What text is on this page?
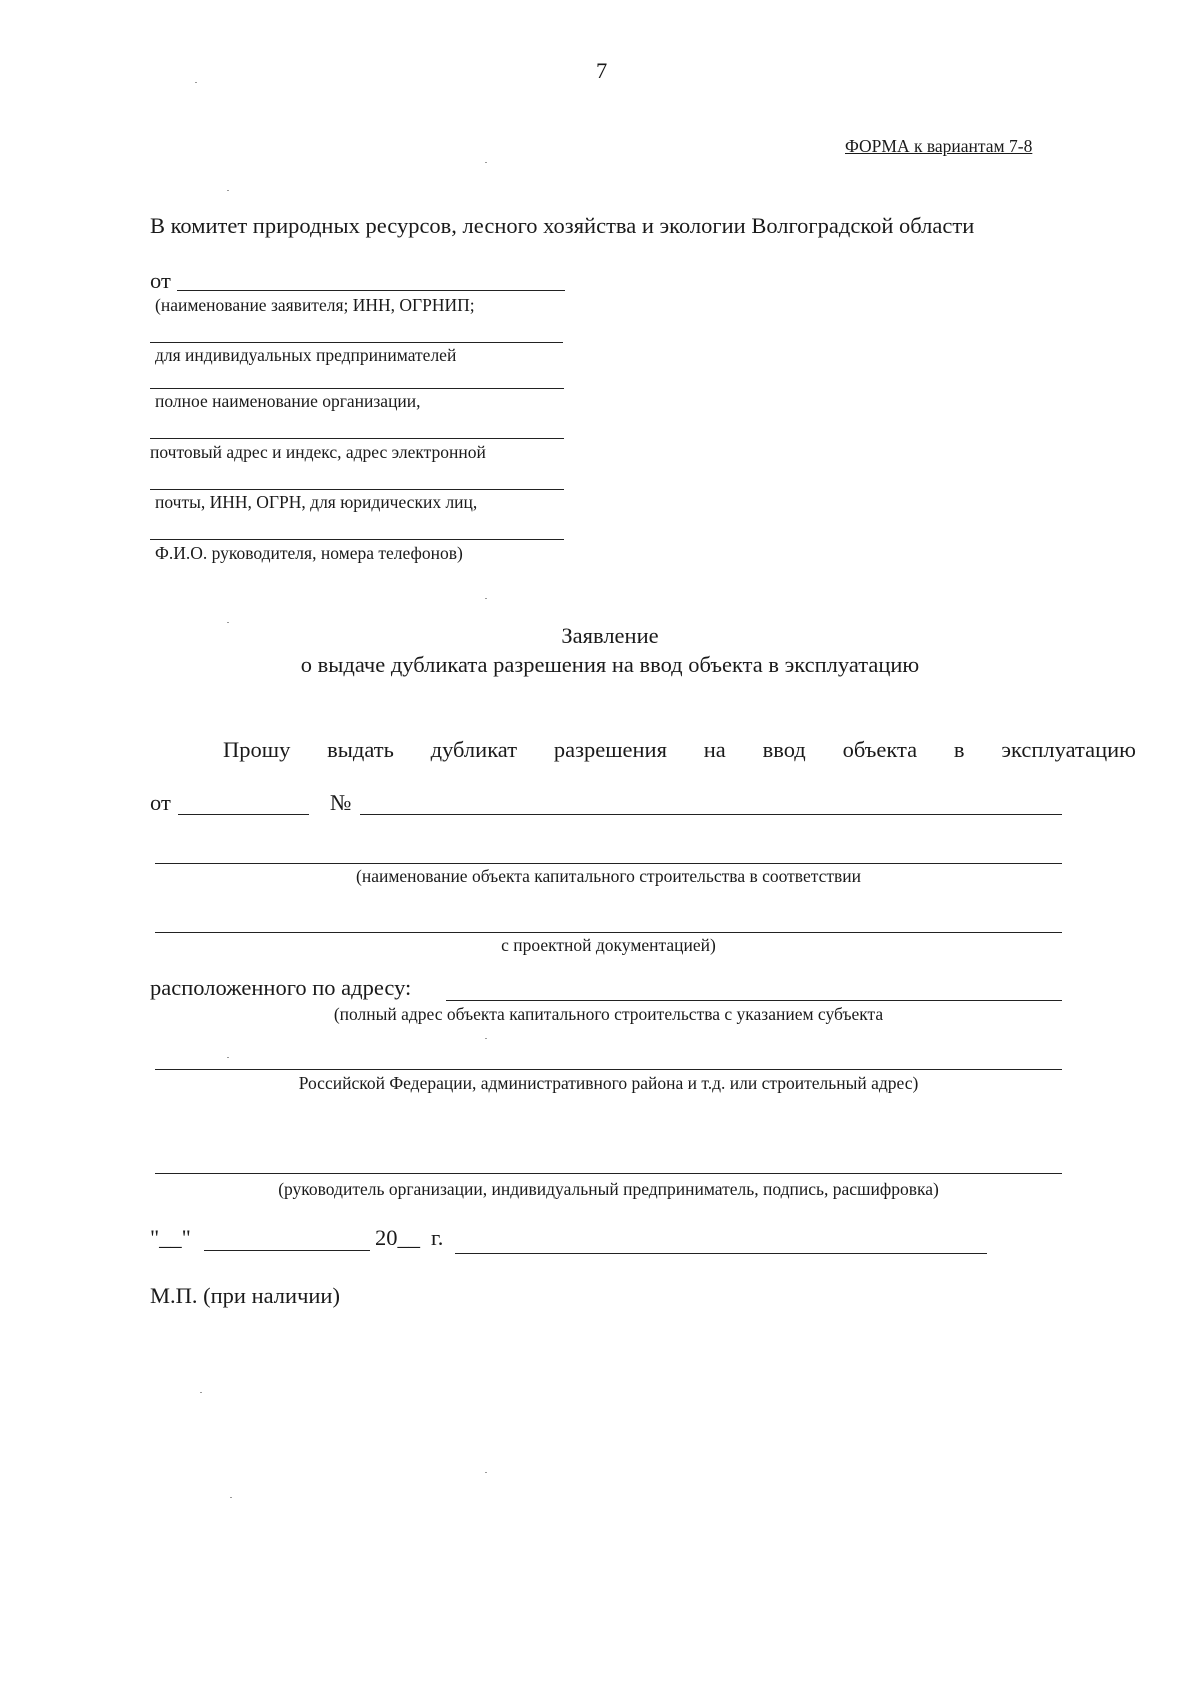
7
ФОРМА к вариантам 7-8
В комитет природных ресурсов, лесного хозяйства и экологии Волгоградской области
от
(наименование заявителя; ИНН, ОГРНИП;
для индивидуальных предпринимателей
полное наименование организации,
почтовый адрес и индекс, адрес электронной
почты, ИНН, ОГРН, для юридических лиц,
Ф.И.О. руководителя, номера телефонов)
Заявление
о выдаче дубликата разрешения на ввод объекта в эксплуатацию
Прошу выдать дубликат разрешения на ввод объекта в эксплуатацию
от	№
(наименование объекта капитального строительства в соответствии
с проектной документацией)
расположенного по адресу:
(полный адрес объекта капитального строительства с указанием субъекта
Российской Федерации, административного района и т.д. или строительный адрес)
(руководитель организации, индивидуальный предприниматель, подпись, расшифровка)
"__"	20__ г.
М.П. (при наличии)
